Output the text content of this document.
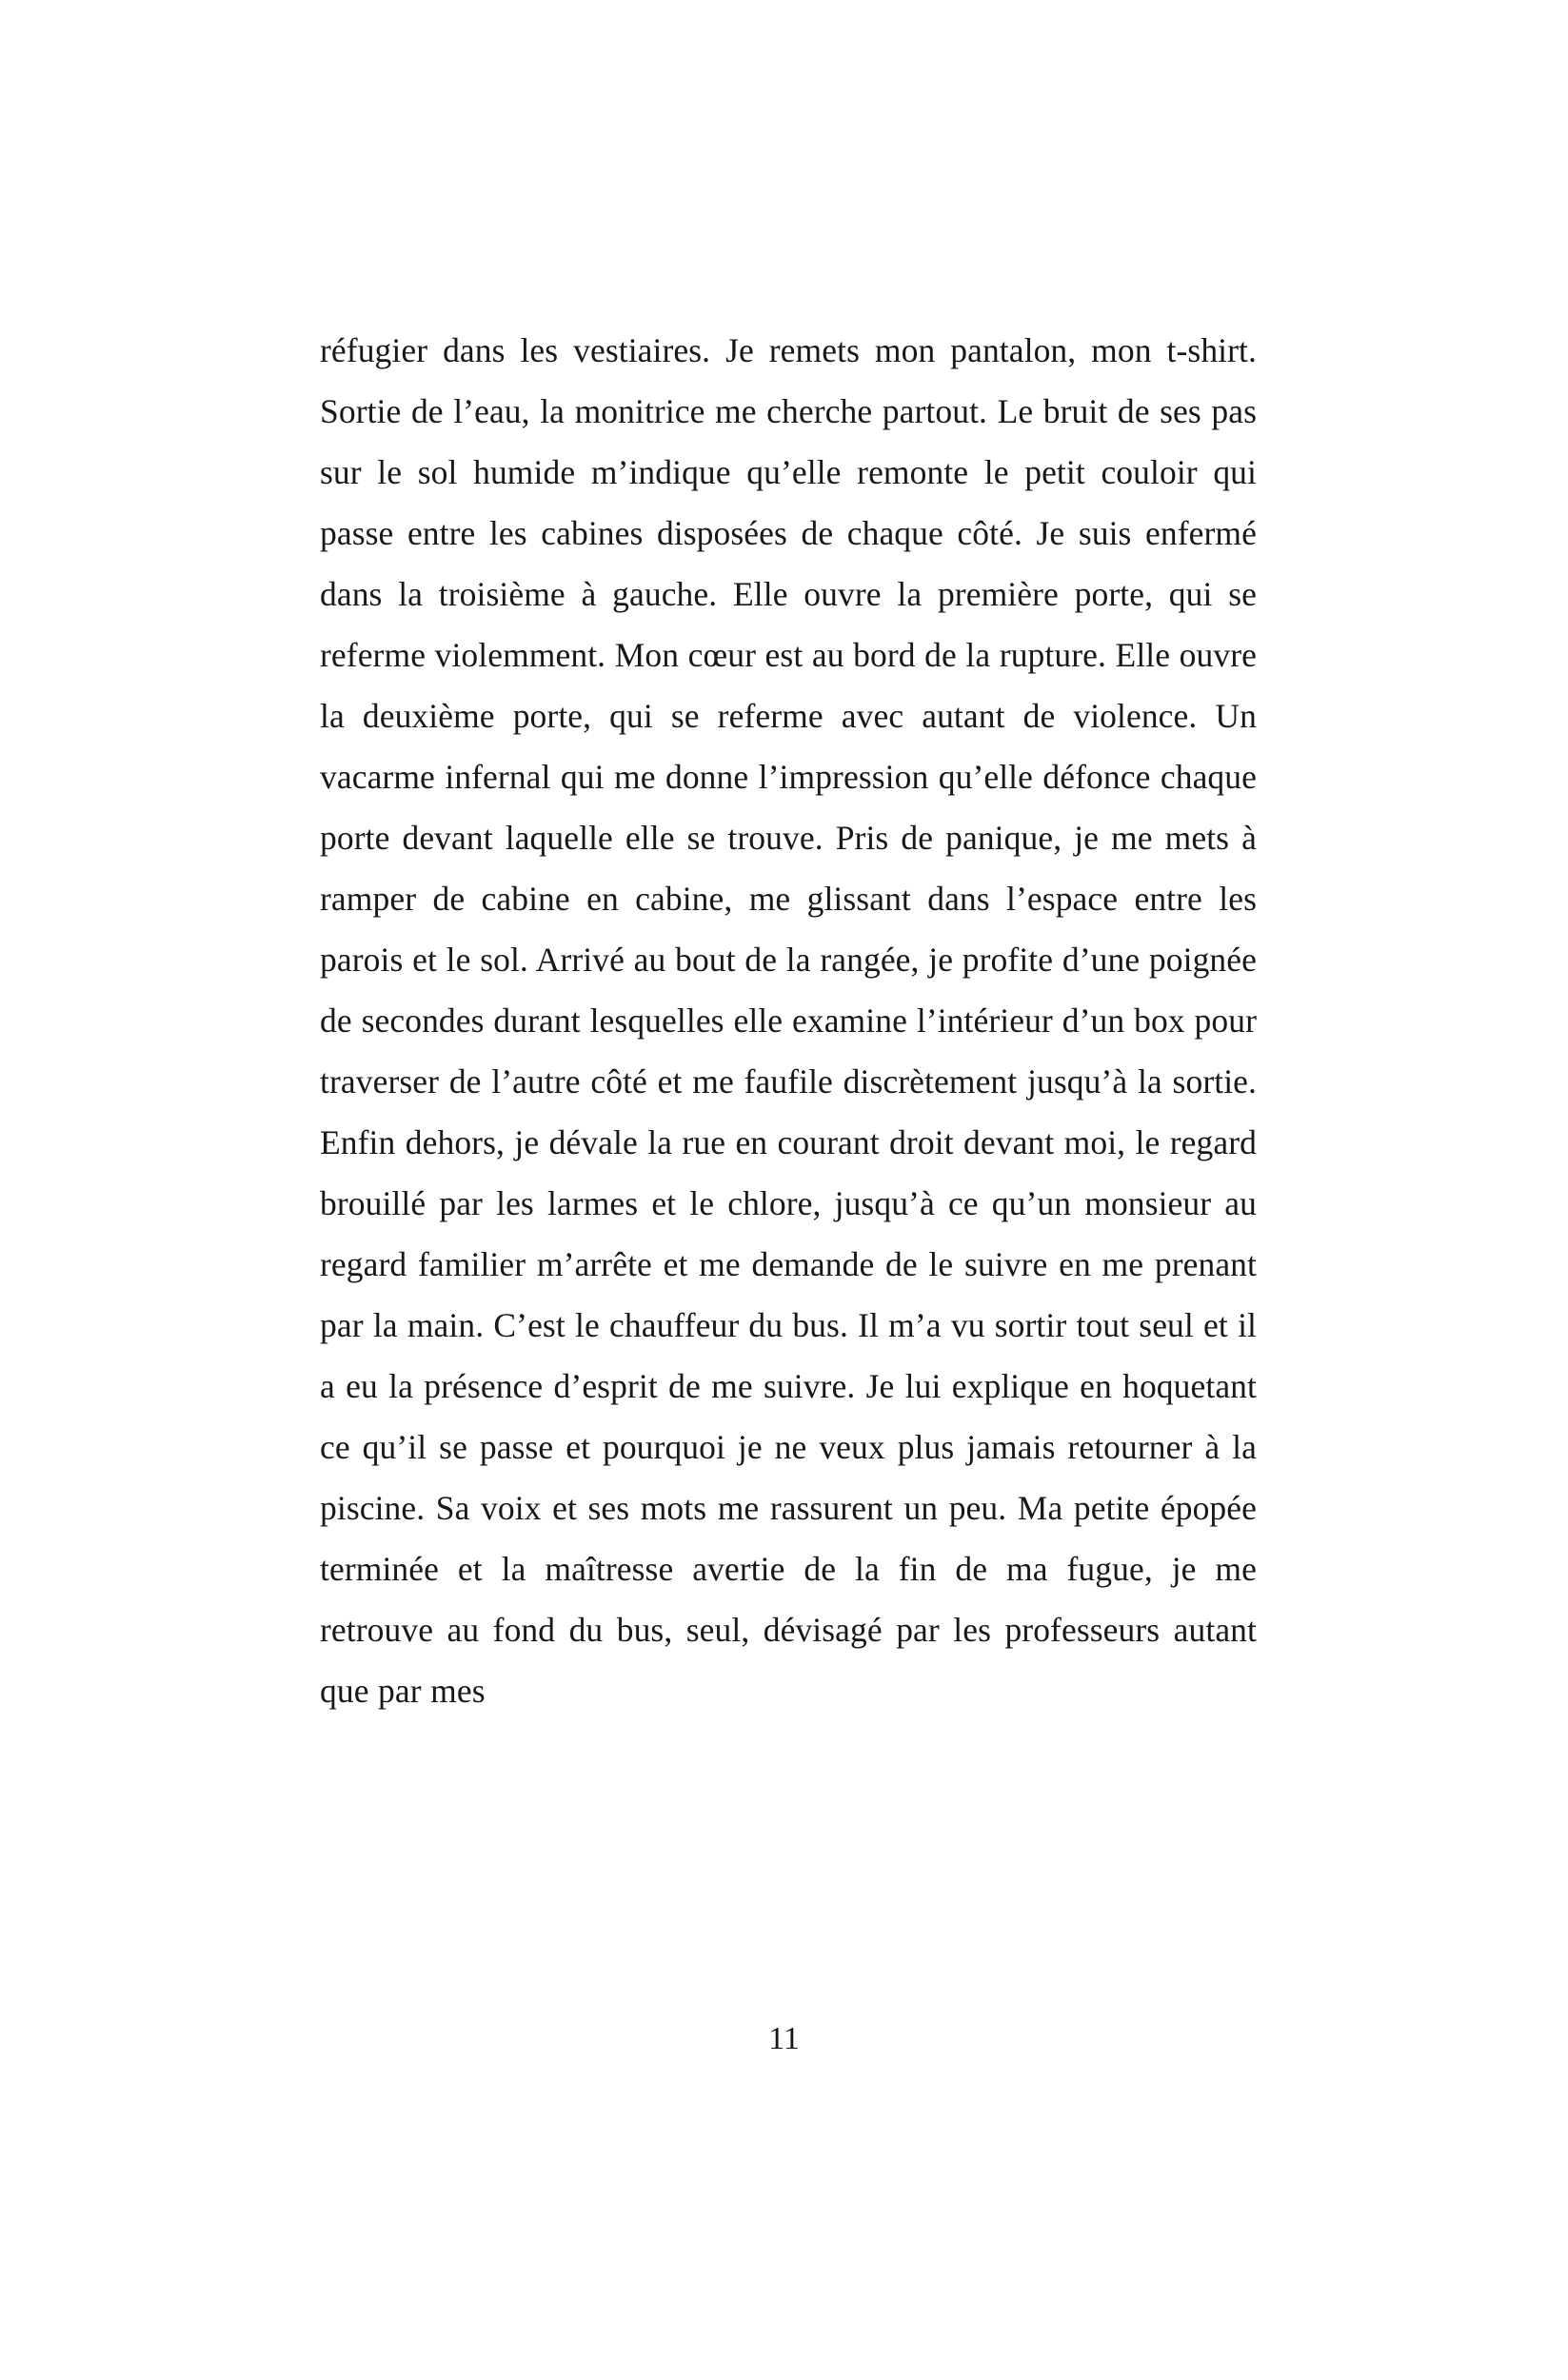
réfugier dans les vestiaires. Je remets mon pantalon, mon t-shirt. Sortie de l’eau, la monitrice me cherche partout. Le bruit de ses pas sur le sol humide m’indique qu’elle remonte le petit couloir qui passe entre les cabines disposées de chaque côté. Je suis enfermé dans la troisième à gauche. Elle ouvre la première porte, qui se referme violemment. Mon cœur est au bord de la rupture. Elle ouvre la deuxième porte, qui se referme avec autant de violence. Un vacarme infernal qui me donne l’impression qu’elle défonce chaque porte devant laquelle elle se trouve. Pris de panique, je me mets à ramper de cabine en cabine, me glissant dans l’espace entre les parois et le sol. Arrivé au bout de la rangée, je profite d’une poignée de secondes durant lesquelles elle examine l’intérieur d’un box pour traverser de l’autre côté et me faufile discrètement jusqu’à la sortie. Enfin dehors, je dévale la rue en courant droit devant moi, le regard brouillé par les larmes et le chlore, jusqu’à ce qu’un monsieur au regard familier m’arrête et me demande de le suivre en me prenant par la main. C’est le chauffeur du bus. Il m’a vu sortir tout seul et il a eu la présence d’esprit de me suivre. Je lui explique en hoquetant ce qu’il se passe et pourquoi je ne veux plus jamais retourner à la piscine. Sa voix et ses mots me rassurent un peu. Ma petite épopée terminée et la maîtresse avertie de la fin de ma fugue, je me retrouve au fond du bus, seul, dévisagé par les professeurs autant que par mes

11
